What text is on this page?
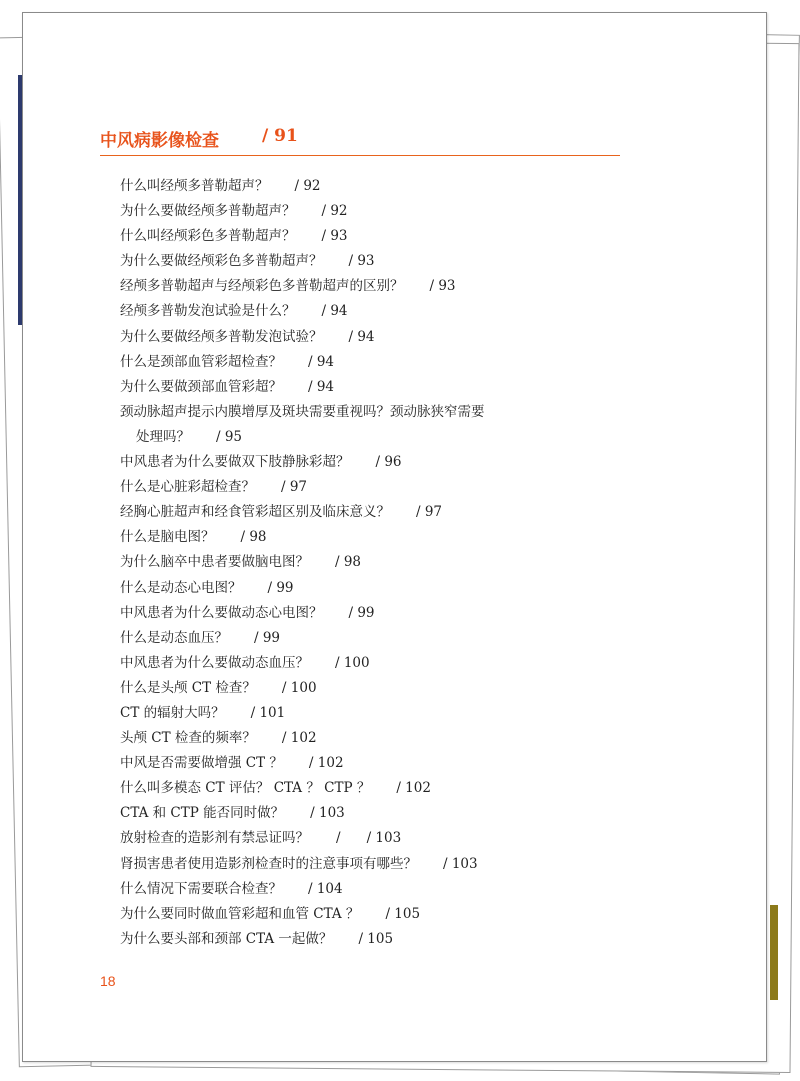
中风病影像检查	/ 91
什么叫经颅多普勒超声？ / 92
为什么要做经颅多普勒超声？ / 92
什么叫经颅彩色多普勒超声？ / 93
为什么要做经颅彩色多普勒超声？ / 93
经颅多普勒超声与经颅彩色多普勒超声的区别？ / 93
经颅多普勒发泡试验是什么？ / 94
为什么要做经颅多普勒发泡试验？ / 94
什么是颈部血管彩超检查？ / 94
为什么要做颈部血管彩超？ / 94
颈动脉超声提示内膜增厚及斑块需要重视吗？颈动脉狭窄需要
处理吗？ / 95
中风患者为什么要做双下肢静脉彩超？ / 96
什么是心脏彩超检查？ / 97
经胸心脏超声和经食管彩超区别及临床意义？ / 97
什么是脑电图？ / 98
为什么脑卒中患者要做脑电图？ / 98
什么是动态心电图？ / 99
中风患者为什么要做动态心电图？ / 99
什么是动态血压？ / 99
中风患者为什么要做动态血压？ / 100
什么是头颅 CT 检查？ / 100
CT 的辐射大吗？ / 101
头颅 CT 检查的频率？ / 102
中风是否需要做增强 CT ？ / 102
什么叫多模态 CT 评估？ CTA ？ CTP ？ / 102
CTA 和 CTP 能否同时做？ / 103
放射检查的造影剂有禁忌证吗？　　/ / 103
肾损害患者使用造影剂检查时的注意事项有哪些？ / 103
什么情况下需要联合检查？ / 104
为什么要同时做血管彩超和血管 CTA ？ / 105
为什么要头部和颈部 CTA 一起做？ / 105
18
